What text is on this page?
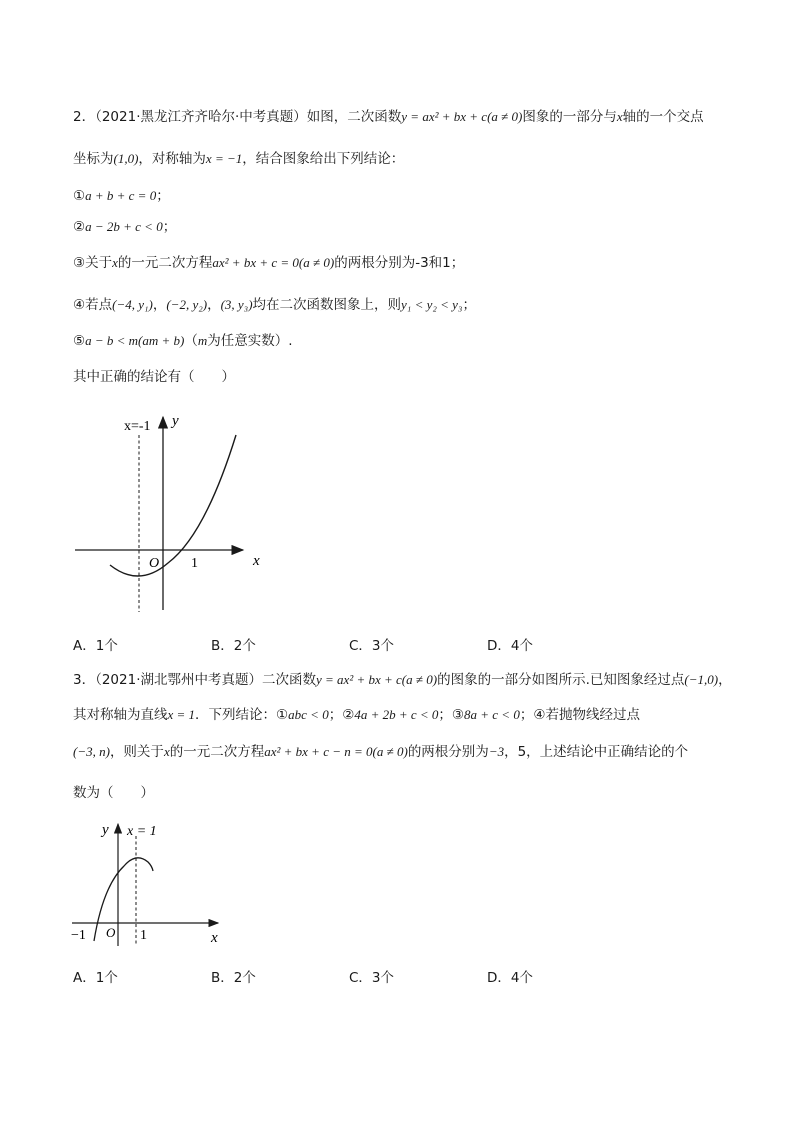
2．（2021·黑龙江齐齐哈尔·中考真题）如图，二次函数y = ax² + bx + c(a ≠ 0)图象的一部分与x轴的一个交点
坐标为(1,0)，对称轴为x = −1，结合图象给出下列结论：
①a + b + c = 0；
②a − 2b + c < 0；
③关于x的一元二次方程ax² + bx + c = 0(a ≠ 0)的两根分别为-3和1；
④若点(−4, y₁)，(−2, y₂)，(3, y₃)均在二次函数图象上，则y₁ < y₂ < y₃；
⑤a − b < m(am + b)（m为任意实数）.
其中正确的结论有（　　）
x=-1 y
x
O 1
A．1个	B．2个	C．3个	D．4个
3．（2021·湖北鄂州中考真题）二次函数y = ax² + bx + c(a ≠ 0)的图象的一部分如图所示.已知图象经过点(−1,0)，
其对称轴为直线x = 1．下列结论：①abc < 0；②4a + 2b + c < 0；③8a + c < 0；④若抛物线经过点
(−3, n)，则关于x的一元二次方程ax² + bx + c − n = 0(a ≠ 0)的两根分别为−3，5，上述结论中正确结论的个
数为（　　）
y x = 1
−1 O 1	x
A．1个	B．2个	C．3个	D．4个
